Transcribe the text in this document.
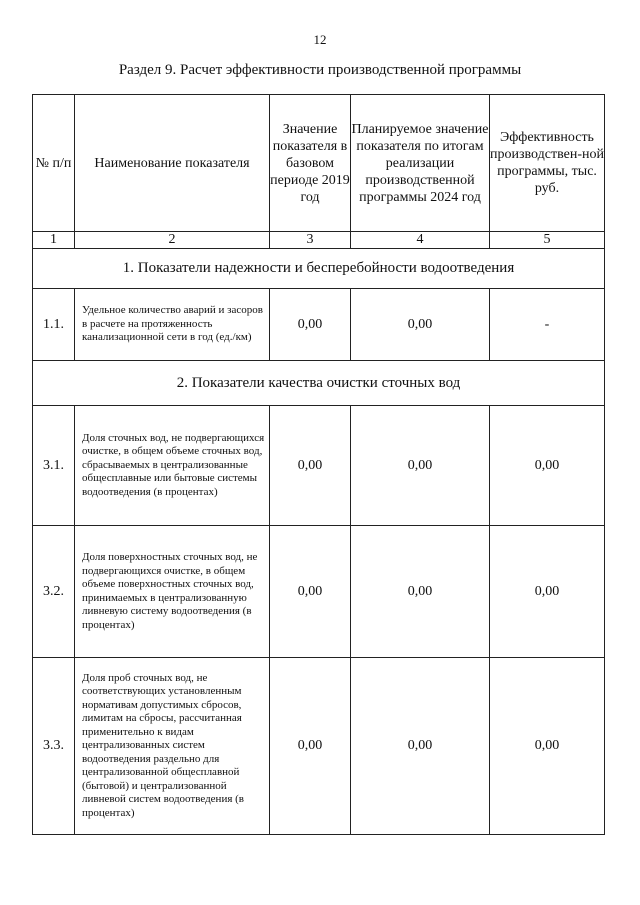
12
Раздел 9. Расчет эффективности производственной программы
№ п/п	Наименование показателя	Значение показателя в базовом периоде 2019 год	Планируемое значение показателя по итогам реализации производственной программы 2024 год	Эффективность производствен-ной программы, тыс. руб.
1	2	3	4	5
1. Показатели надежности и бесперебойности водоотведения				
1.1.	Удельное количество аварий и засоров в расчете на протяженность канализационной сети в год (ед./км)	0,00	0,00	-
2. Показатели качества очистки сточных вод				
3.1.	Доля сточных вод, не подвергающихся очистке, в общем объеме сточных вод, сбрасываемых в централизованные общесплавные или бытовые системы водоотведения (в процентах)	0,00	0,00	0,00
3.2.	Доля поверхностных сточных вод, не подвергающихся очистке, в общем объеме поверхностных сточных вод, принимаемых в централизованную ливневую систему водоотведения (в процентах)	0,00	0,00	0,00
3.3.	Доля проб сточных вод, не соответствующих установленным нормативам допустимых сбросов, лимитам на сбросы, рассчитанная применительно к видам централизованных систем водоотведения раздельно для централизованной общесплавной (бытовой) и централизованной ливневой систем водоотведения (в процентах)	0,00	0,00	0,00
